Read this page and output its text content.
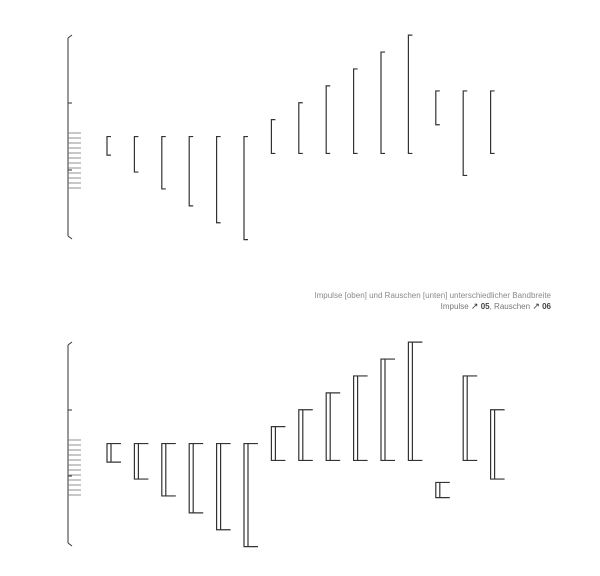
Impulse [oben] und Rauschen [unten] unterschiedlicher Bandbreite
Impulse ↗ 05, Rauschen ↗ 06
